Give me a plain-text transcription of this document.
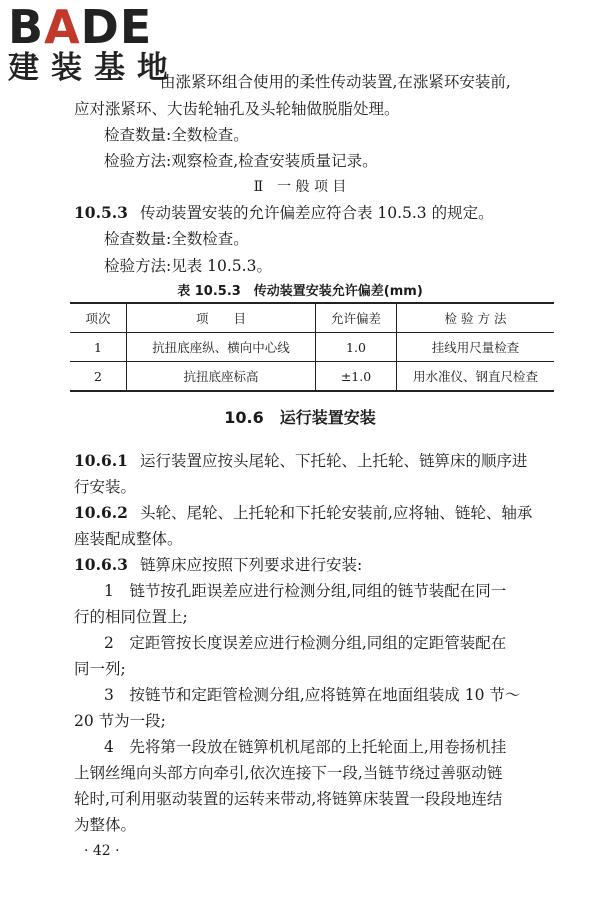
BADE
建装基地
由涨紧环组合使用的柔性传动装置,在涨紧环安装前,
应对涨紧环、大齿轮轴孔及头轮轴做脱脂处理。
检查数量:全数检查。
检验方法:观察检查,检查安装质量记录。
Ⅱ　一 般 项 目
10.5.3 传动装置安装的允许偏差应符合表 10.5.3 的规定。
检查数量:全数检查。
检验方法:见表 10.5.3。
表 10.5.3　传动装置安装允许偏差(mm)
项次	项　　目	允许偏差	检 验 方 法
1	抗扭底座纵、横向中心线	1.0	挂线用尺量检查
2	抗扭底座标高	±1.0	用水准仪、钢直尺检查
10.6　运行装置安装
10.6.1 运行装置应按头尾轮、下托轮、上托轮、链箅床的顺序进
行安装。
10.6.2 头轮、尾轮、上托轮和下托轮安装前,应将轴、链轮、轴承
座装配成整体。
10.6.3 链箅床应按照下列要求进行安装:
1　链节按孔距误差应进行检测分组,同组的链节装配在同一
行的相同位置上;
2　定距管按长度误差应进行检测分组,同组的定距管装配在
同一列;
3　按链节和定距管检测分组,应将链箅在地面组装成 10 节～
20 节为一段;
4　先将第一段放在链箅机机尾部的上托轮面上,用卷扬机挂
上钢丝绳向头部方向牵引,依次连接下一段,当链节绕过善驱动链
轮时,可利用驱动装置的运转来带动,将链箅床装置一段段地连结
为整体。
· 42 ·
